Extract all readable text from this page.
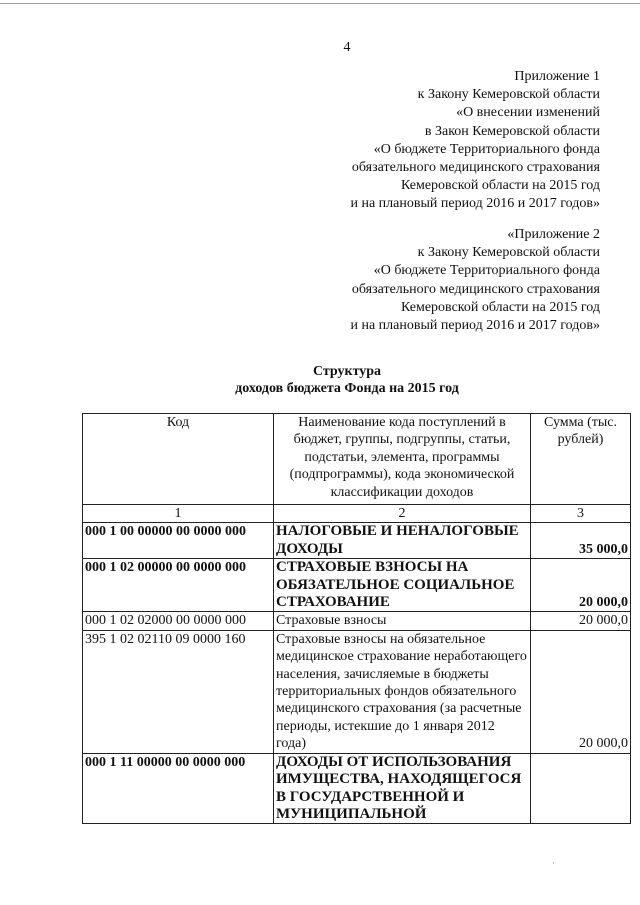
4
Приложение 1
к Закону Кемеровской области
«О внесении изменений
в Закон Кемеровской области
«О бюджете Территориального фонда
обязательного медицинского страхования
Кемеровской области на 2015 год
и на плановый период 2016 и 2017 годов»
«Приложение 2
к Закону Кемеровской области
«О бюджете Территориального фонда
обязательного медицинского страхования
Кемеровской области на 2015 год
и на плановый период 2016 и 2017 годов»
Структура
доходов бюджета Фонда на 2015 год
Код	Наименование кода поступлений в бюджет, группы, подгруппы, статьи, подстатьи, элемента, программы (подпрограммы), кода экономической классификации доходов	Сумма (тыс. рублей)
1	2	3
000 1 00 00000 00 0000 000	НАЛОГОВЫЕ И НЕНАЛОГОВЫЕ ДОХОДЫ	35 000,0
000 1 02 00000 00 0000 000	СТРАХОВЫЕ ВЗНОСЫ НА ОБЯЗАТЕЛЬНОЕ СОЦИАЛЬНОЕ СТРАХОВАНИЕ	20 000,0
000 1 02 02000 00 0000 000	Страховые взносы	20 000,0
395 1 02 02110 09 0000 160	Страховые взносы на обязательное медицинское страхование неработающего населения, зачисляемые в бюджеты территориальных фондов обязательного медицинского страхования (за расчетные периоды, истекшие до 1 января 2012 года)	20 000,0
000 1 11 00000 00 0000 000	ДОХОДЫ ОТ ИСПОЛЬЗОВАНИЯ ИМУЩЕСТВА, НАХОДЯЩЕГОСЯ В ГОСУДАРСТВЕННОЙ И МУНИЦИПАЛЬНОЙ	
·
